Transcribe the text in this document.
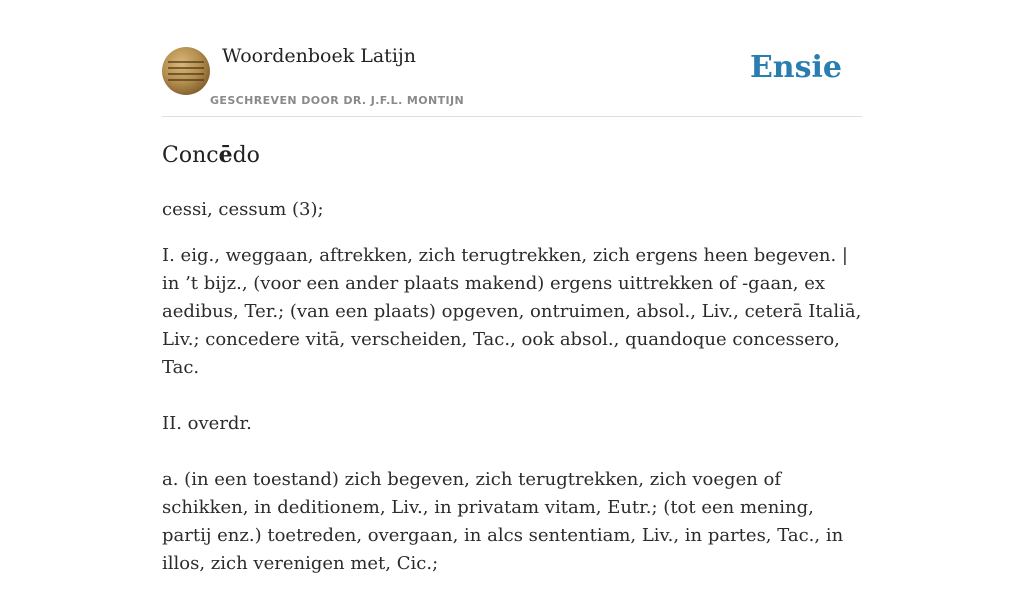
Woordenboek Latijn
GESCHREVEN DOOR DR. J.F.L. MONTIJN
Ensie
Concēdo

cessi, cessum (3);

I. eig., weggaan, aftrekken, zich terugtrekken, zich ergens heen begeven. | in ’t bijz., (voor een ander plaats makend) ergens uittrekken of -gaan, ex aedibus, Ter.; (van een plaats) opgeven, ontruimen, absol., Liv., ceterā Italiā, Liv.; concedere vitā, verscheiden, Tac., ook absol., quandoque concessero, Tac.

II. overdr.

a. (in een toestand) zich begeven, zich terugtrekken, zich voegen of schikken, in deditionem, Liv., in privatam vitam, Eutr.; (tot een mening, partij enz.) toetreden, overgaan, in alcs sententiam, Liv., in partes, Tac., in illos, zich verenigen met, Cic.;
